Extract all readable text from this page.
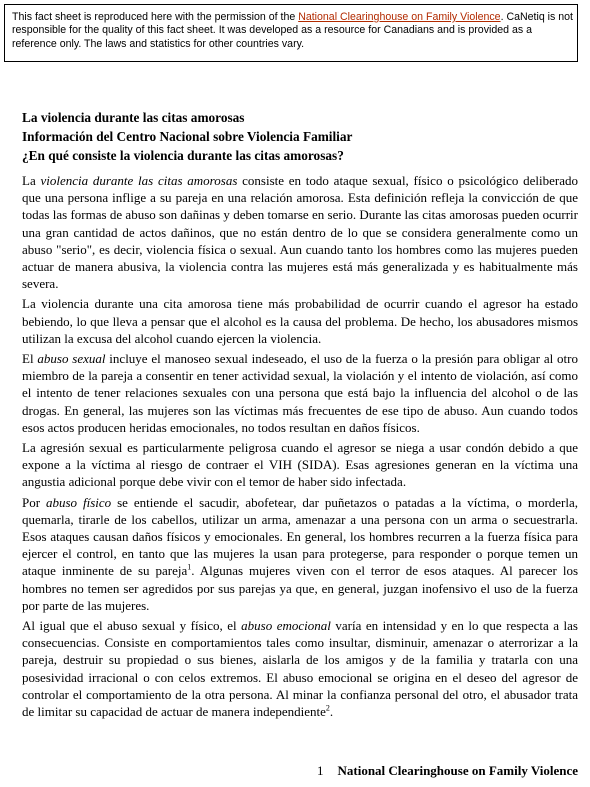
This fact sheet is reproduced here with the permission of the National Clearinghouse on Family Violence. CaNetiq is not responsible for the quality of this fact sheet. It was developed as a resource for Canadians and is provided as a reference only. The laws and statistics for other countries vary.

La violencia durante las citas amorosas

Información del Centro Nacional sobre Violencia Familiar

¿En qué consiste la violencia durante las citas amorosas?

La violencia durante las citas amorosas consiste en todo ataque sexual, físico o psicológico deliberado que una persona inflige a su pareja en una relación amorosa. Esta definición refleja la convicción de que todas las formas de abuso son dañinas y deben tomarse en serio. Durante las citas amorosas pueden ocurrir una gran cantidad de actos dañinos, que no están dentro de lo que se considera generalmente como un abuso "serio", es decir, violencia física o sexual. Aun cuando tanto los hombres como las mujeres pueden actuar de manera abusiva, la violencia contra las mujeres está más generalizada y es habitualmente más severa.

La violencia durante una cita amorosa tiene más probabilidad de ocurrir cuando el agresor ha estado bebiendo, lo que lleva a pensar que el alcohol es la causa del problema. De hecho, los abusadores mismos utilizan la excusa del alcohol cuando ejercen la violencia.

El abuso sexual incluye el manoseo sexual indeseado, el uso de la fuerza o la presión para obligar al otro miembro de la pareja a consentir en tener actividad sexual, la violación y el intento de violación, así como el intento de tener relaciones sexuales con una persona que está bajo la influencia del alcohol o de las drogas. En general, las mujeres son las víctimas más frecuentes de ese tipo de abuso. Aun cuando todos esos actos producen heridas emocionales, no todos resultan en daños físicos.

La agresión sexual es particularmente peligrosa cuando el agresor se niega a usar condón debido a que expone a la víctima al riesgo de contraer el VIH (SIDA). Esas agresiones generan en la víctima una angustia adicional porque debe vivir con el temor de haber sido infectada.

Por abuso físico se entiende el sacudir, abofetear, dar puñetazos o patadas a la víctima, o morderla, quemarla, tirarle de los cabellos, utilizar un arma, amenazar a una persona con un arma o secuestrarla. Esos ataques causan daños físicos y emocionales. En general, los hombres recurren a la fuerza física para ejercer el control, en tanto que las mujeres la usan para protegerse, para responder o porque temen un ataque inminente de su pareja$^1$. Algunas mujeres viven con el terror de esos ataques. Al parecer los hombres no temen ser agredidos por sus parejas ya que, en general, juzgan inofensivo el uso de la fuerza por parte de las mujeres.

Al igual que el abuso sexual y físico, el abuso emocional varía en intensidad y en lo que respecta a las consecuencias. Consiste en comportamientos tales como insultar, disminuir, amenazar o aterrorizar a la pareja, destruir su propiedad o sus bienes, aislarla de los amigos y de la familia y tratarla con una posesividad irracional o con celos extremos. El abuso emocional se origina en el deseo del agresor de controlar el comportamiento de la otra persona. Al minar la confianza personal del otro, el abusador trata de limitar su capacidad de actuar de manera independiente$^2$.

1 National Clearinghouse on Family Violence
